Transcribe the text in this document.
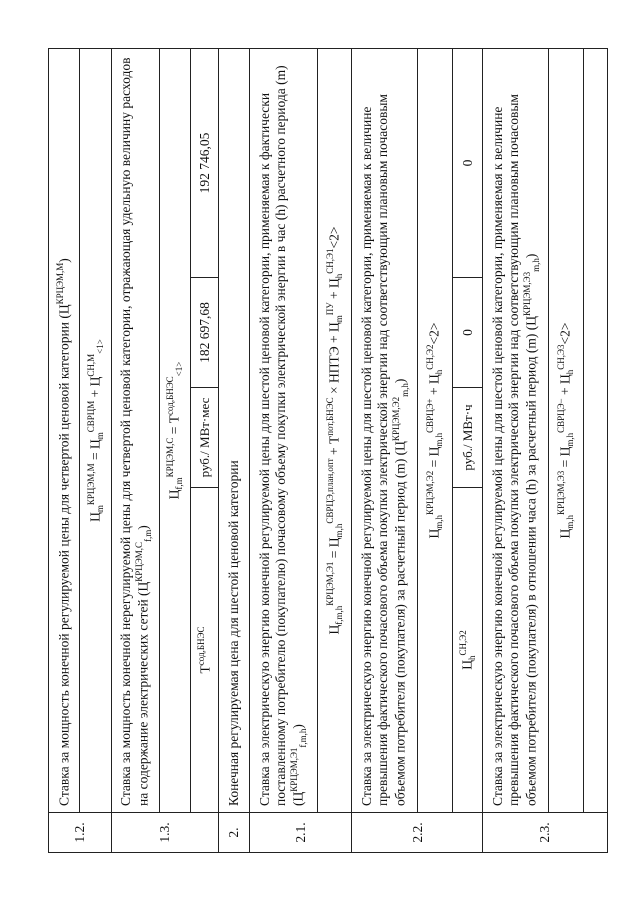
1.2.	Ставка за мощность конечной регулируемой цены для четвертой ценовой категории $(Ц^{КРЦЭМ,М})$			
	$Ц_m^{КРЦЭМ,М} = Ц_m^{СВРЦМ} + Ц^{СН,М}_{<1>}$
1.3.	Ставка за мощность конечной нерегулируемой цены для четвертой ценовой категории, отражающая удельную величину расходов на содержание электрических сетей $(Ц^{КРЦЭМ,С}_{f,m})$			
	$Ц_{f,m}^{КРЦЭМ,С} = Т^{сод,БНЭС}_{<1>}$
	$Т^{сод,БНЭС}$	руб./ МВт·мес	182 697,68	192 746,05
2.	Конечная регулируемая цена для шестой ценовой категории			
2.1.	Ставка за электрическую энергию конечной регулируемой цены для шестой ценовой категории, применяемая к фактически поставленному потребителю (покупателю) почасовому объему покупки электрической энергии в час (h) расчетного периода (m) $(Ц^{КРЦЭМ,Э1}_{f,m,h})$			
	$Ц_{f,m,h}^{КРЦЭМ,Э1} = Ц_{m,h}^{СВРЦЭ,план,опт} + Т^{пот,БНЭС}$ × НПТЭ + $Ц_m^{ПУ} + Ц_h^{СН,Э1}<2>$			
2.2.	Ставка за электрическую энергию конечной регулируемой цены для шестой ценовой категории, применяемая к величине превышения фактического почасового объема покупки электрической энергии над соответствующим плановым почасовым объемом потребителя (покупателя) за расчетный период (m) $(Ц^{КРЦЭМ,Э2}_{m,h})$			
	$Ц_{m,h}^{КРЦЭМ,Э2} = Ц_{m,h}^{СВРЦЭ+} + Ц_h^{СН,Э2}<2>$			
	$Ц_h^{СН,Э2}$	руб./ МВт·ч	0	0
2.3.	Ставка за электрическую энергию конечной регулируемой цены для шестой ценовой категории, применяемая к величине превышения фактического почасового объема покупки электрической энергии над соответствующим плановым почасовым объемом потребителя (покупателя) в отношении часа (h) за расчетный период (m) $(Ц^{КРЦЭМ,Э3}_{m,h})$			
	$Ц_{m,h}^{КРЦЭМ,Э3} = Ц_{m,h}^{СВРЦЭ-} + Ц_h^{СН,Э3}<2>$			
